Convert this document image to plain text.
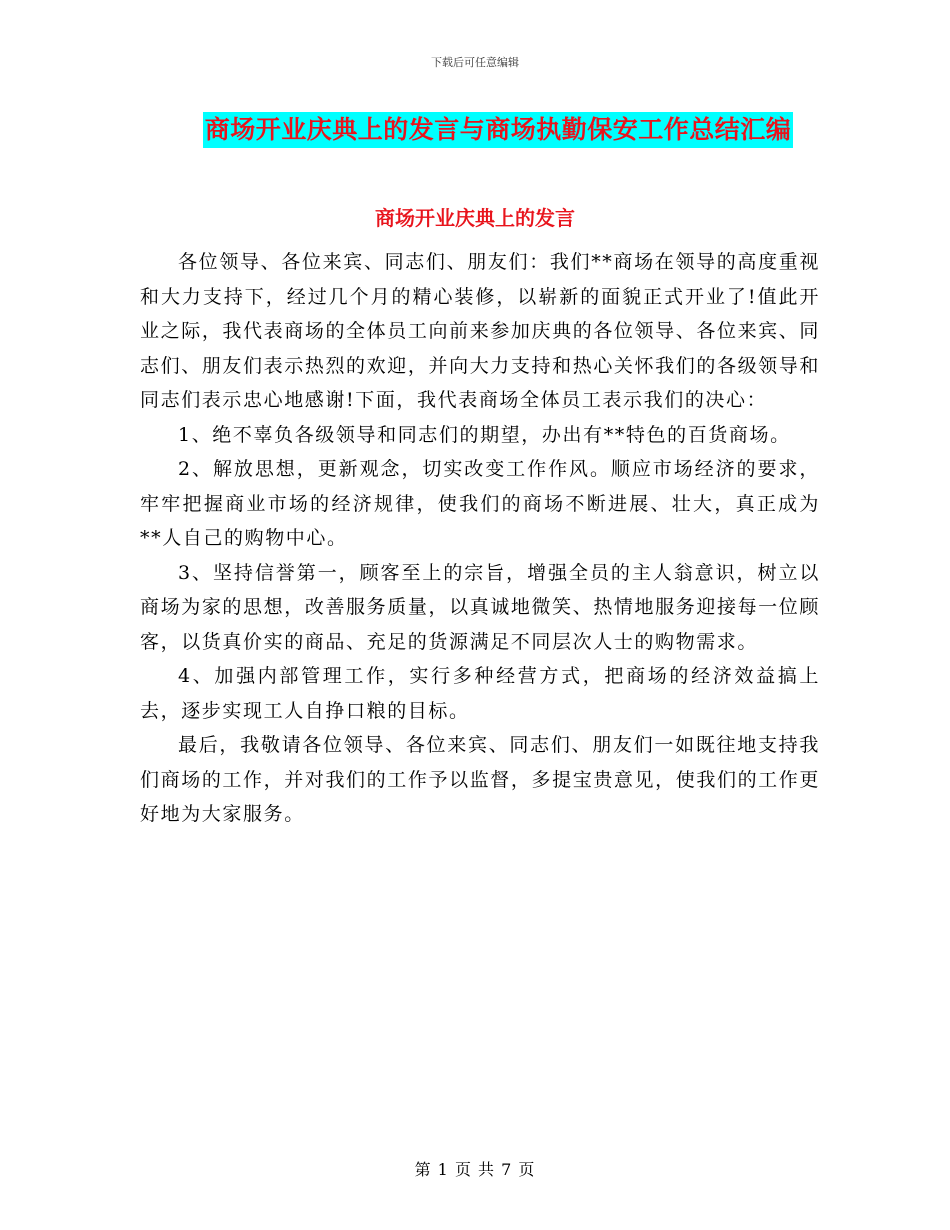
下载后可任意编辑
商场开业庆典上的发言与商场执勤保安工作总结汇编
商场开业庆典上的发言

各位领导、各位来宾、同志们、朋友们：我们**商场在领导的高度重视和大力支持下，经过几个月的精心装修，以崭新的面貌正式开业了!值此开业之际，我代表商场的全体员工向前来参加庆典的各位领导、各位来宾、同志们、朋友们表示热烈的欢迎，并向大力支持和热心关怀我们的各级领导和同志们表示忠心地感谢!下面，我代表商场全体员工表示我们的决心：

1、绝不辜负各级领导和同志们的期望，办出有**特色的百货商场。

2、解放思想，更新观念，切实改变工作作风。顺应市场经济的要求，牢牢把握商业市场的经济规律，使我们的商场不断进展、壮大，真正成为**人自己的购物中心。

3、坚持信誉第一，顾客至上的宗旨，增强全员的主人翁意识，树立以商场为家的思想，改善服务质量，以真诚地微笑、热情地服务迎接每一位顾客，以货真价实的商品、充足的货源满足不同层次人士的购物需求。

4、加强内部管理工作，实行多种经营方式，把商场的经济效益搞上去，逐步实现工人自挣口粮的目标。

最后，我敬请各位领导、各位来宾、同志们、朋友们一如既往地支持我们商场的工作，并对我们的工作予以监督，多提宝贵意见，使我们的工作更好地为大家服务。

第 1 页 共 7 页
